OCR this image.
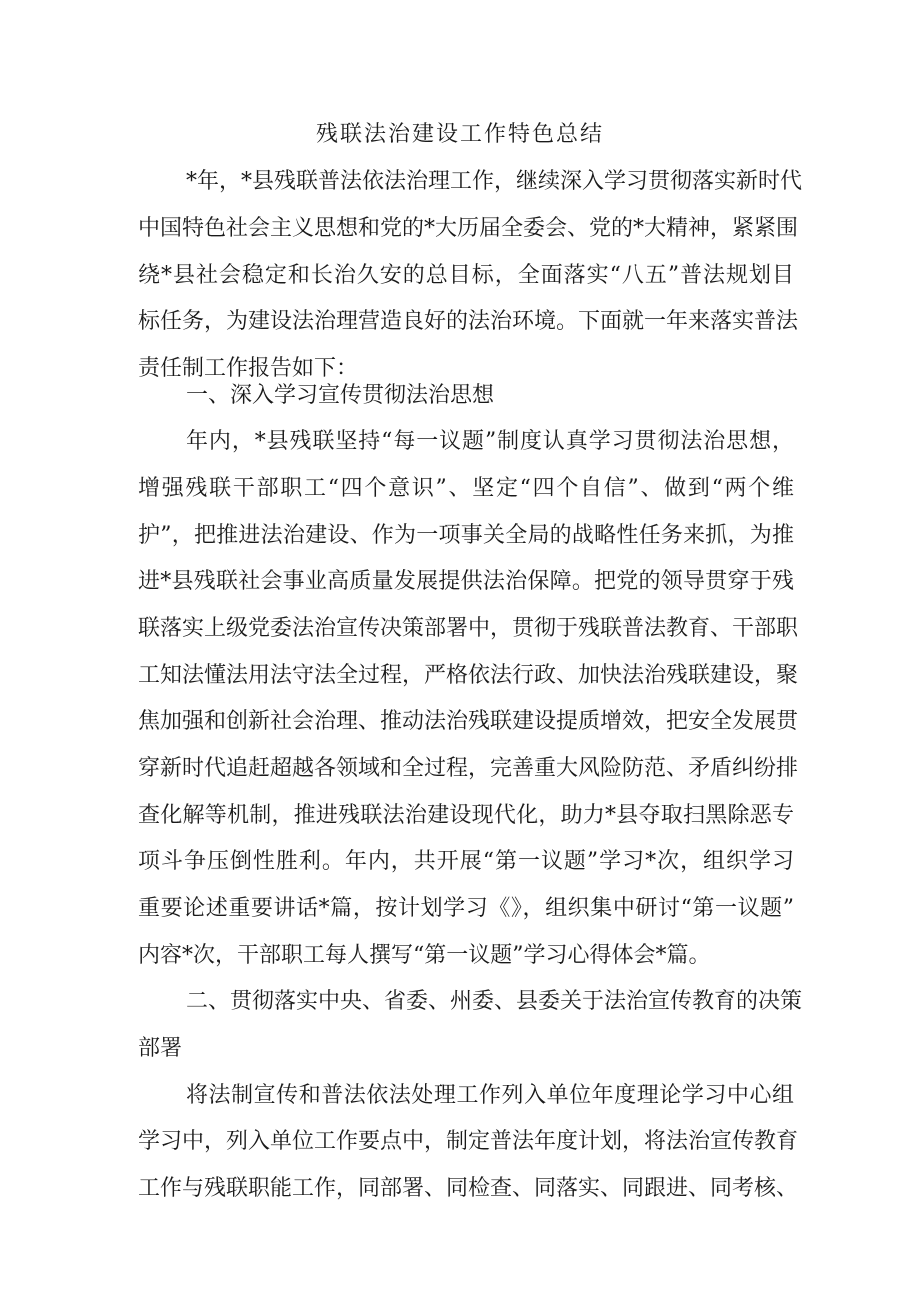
残联法治建设工作特色总结
*年，*县残联普法依法治理工作，继续深入学习贯彻落实新时代
中国特色社会主义思想和党的*大历届全委会、党的*大精神，紧紧围
绕*县社会稳定和长治久安的总目标，全面落实“八五”普法规划目
标任务，为建设法治理营造良好的法治环境。下面就一年来落实普法
责任制工作报告如下：
一、深入学习宣传贯彻法治思想
年内，*县残联坚持“每一议题”制度认真学习贯彻法治思想，
增强残联干部职工“四个意识”、坚定“四个自信”、做到“两个维
护”，把推进法治建设、作为一项事关全局的战略性任务来抓，为推
进*县残联社会事业高质量发展提供法治保障。把党的领导贯穿于残
联落实上级党委法治宣传决策部署中，贯彻于残联普法教育、干部职
工知法懂法用法守法全过程，严格依法行政、加快法治残联建设，聚
焦加强和创新社会治理、推动法治残联建设提质增效，把安全发展贯
穿新时代追赶超越各领域和全过程，完善重大风险防范、矛盾纠纷排
查化解等机制，推进残联法治建设现代化，助力*县夺取扫黑除恶专
项斗争压倒性胜利。年内，共开展“第一议题”学习*次，组织学习
重要论述重要讲话*篇，按计划学习《》，组织集中研讨“第一议题”
内容*次，干部职工每人撰写“第一议题”学习心得体会*篇。
二、贯彻落实中央、省委、州委、县委关于法治宣传教育的决策
部署
将法制宣传和普法依法处理工作列入单位年度理论学习中心组
学习中，列入单位工作要点中，制定普法年度计划，将法治宣传教育
工作与残联职能工作，同部署、同检查、同落实、同跟进、同考核、
